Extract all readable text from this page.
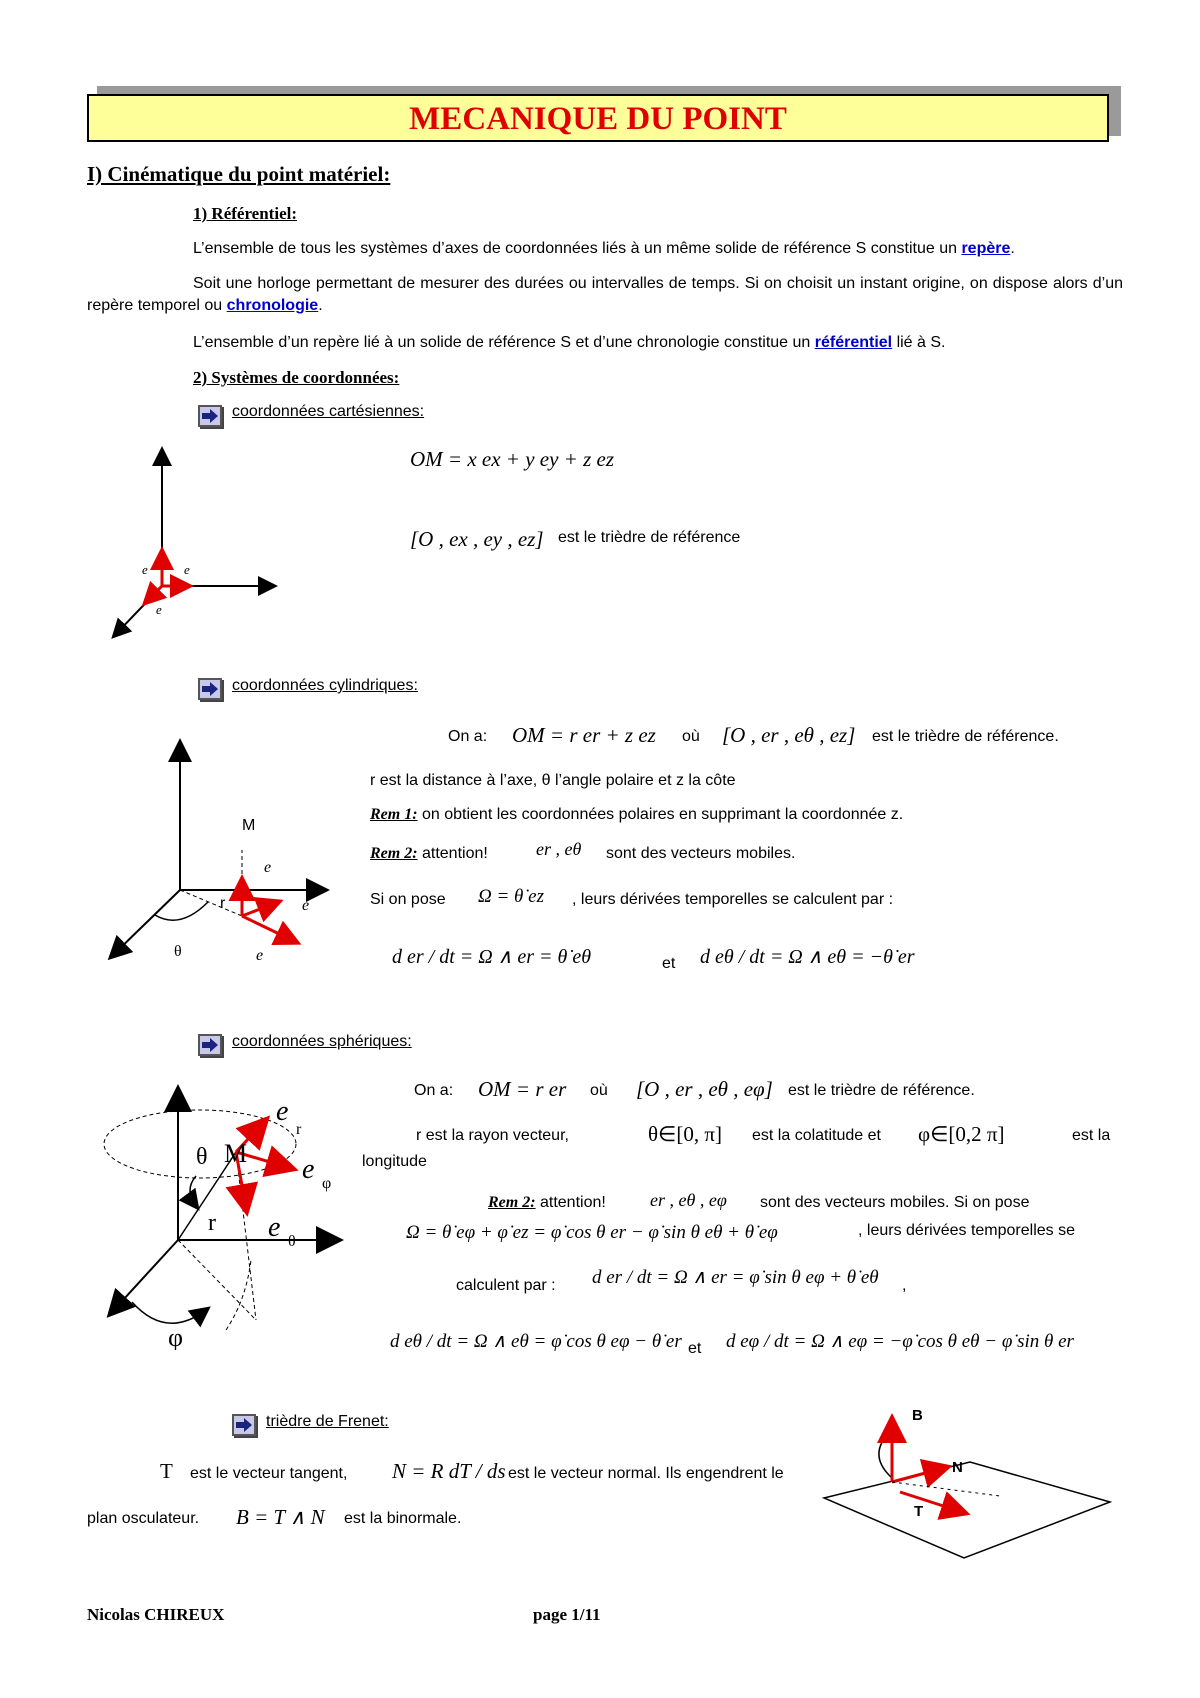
MECANIQUE DU POINT
I) Cinématique du point matériel:
1) Référentiel:
L’ensemble de tous les systèmes d’axes de coordonnées liés à un même solide de référence S constitue un repère.
Soit une horloge permettant de mesurer des durées ou intervalles de temps. Si on choisit un instant origine, on dispose alors d’un repère temporel ou chronologie.
L’ensemble d’un repère lié à un solide de référence S et d’une chronologie constitue un référentiel lié à S.
2) Systèmes de coordonnées:
coordonnées cartésiennes:
e	e
e
OM = x ex + y ey + z ez
[O , ex , ey , ez] est le trièdre de référence
coordonnées cylindriques:
M
r
θ
e
e
e
On a: OM = r er + z ez où [O , er , eθ , ez] est le trièdre de référence.
r est la distance à l’axe, θ l’angle polaire et z la côte
Rem 1: on obtient les coordonnées polaires en supprimant la coordonnée z.
Rem 2: attention!	er , eθ sont des vecteurs mobiles.
Si on pose Ω = θ̇ ez , leurs dérivées temporelles se calculent par :
d er / dt = Ω ∧ er = θ̇ eθ	et d eθ / dt = Ω ∧ eθ = −θ̇ er
coordonnées sphériques:
M
θ
r
φ
e
r
e φ
e θ
On a: OM = r er où [O , er , eθ , eφ] est le trièdre de référence.
r est la rayon vecteur,	θ∈[0, π] est la colatitude et φ∈[0,2 π]	est la
longitude
Rem 2: attention! er , eθ , eφ sont des vecteurs mobiles. Si on pose
Ω = θ̇ eφ + φ̇ ez = φ̇ cos θ er − φ̇ sin θ eθ + θ̇ eφ	, leurs dérivées temporelles se
calculent par : d er / dt = Ω ∧ er = φ̇ sin θ eφ + θ̇ eθ ,
d eθ / dt = Ω ∧ eθ = φ̇ cos θ eφ − θ̇ er et d eφ / dt = Ω ∧ eφ = −φ̇ cos θ eθ − φ̇ sin θ er
trièdre de Frenet:
T est le vecteur tangent, N = R dT / ds est le vecteur normal. Ils engendrent le
plan osculateur. B = T ∧ N est la binormale.
B
N
T
Nicolas CHIREUX	page 1/11
